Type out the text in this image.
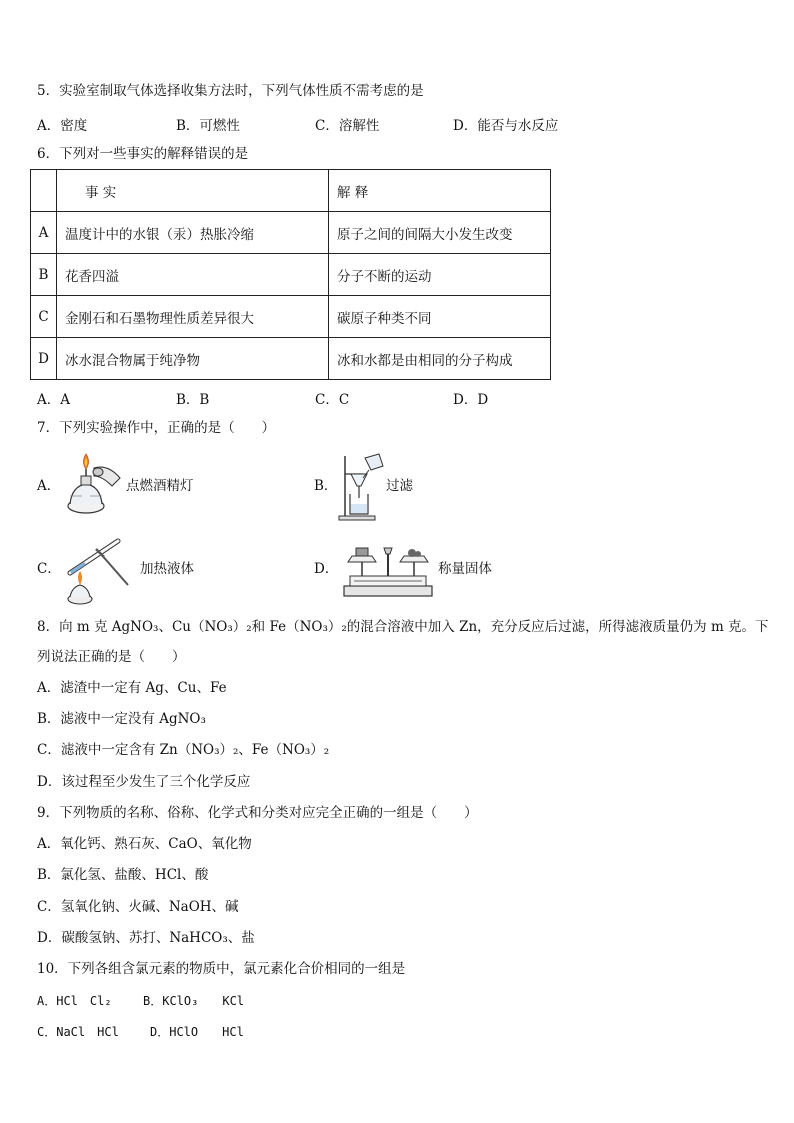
5．实验室制取气体选择收集方法时，下列气体性质不需考虑的是
A．密度	B．可燃性	C．溶解性	D．能否与水反应
6．下列对一些事实的解释错误的是
	事 实	解 释
A	温度计中的水银（汞）热胀冷缩	原子之间的间隔大小发生改变
B	花香四溢	分子不断的运动
C	金刚石和石墨物理性质差异很大	碳原子种类不同
D	冰水混合物属于纯净物	冰和水都是由相同的分子构成
A．A	B．B	C．C	D．D
7．下列实验操作中，正确的是（　　）
A．	点燃酒精灯	B．	过滤
C．	加热液体	D．	称量固体
8．向 m 克 AgNO₃、Cu（NO₃）₂和 Fe（NO₃）₂的混合溶液中加入 Zn，充分反应后过滤，所得滤液质量仍为 m 克。下
列说法正确的是（　　）
A．滤渣中一定有 Ag、Cu、Fe
B．滤液中一定没有 AgNO₃
C．滤液中一定含有 Zn（NO₃）₂、Fe（NO₃）₂
D．该过程至少发生了三个化学反应
9．下列物质的名称、俗称、化学式和分类对应完全正确的一组是（　　）
A．氧化钙、熟石灰、CaO、氧化物
B．氯化氢、盐酸、HCl、酸
C．氢氧化钠、火碱、NaOH、碱
D．碳酸氢钠、苏打、NaHCO₃、盐
10．下列各组含氯元素的物质中，氯元素化合价相同的一组是
A．HCl　Cl₂	B．KClO₃　　KCl
C．NaCl　HCl	D．HClO　　HCl
